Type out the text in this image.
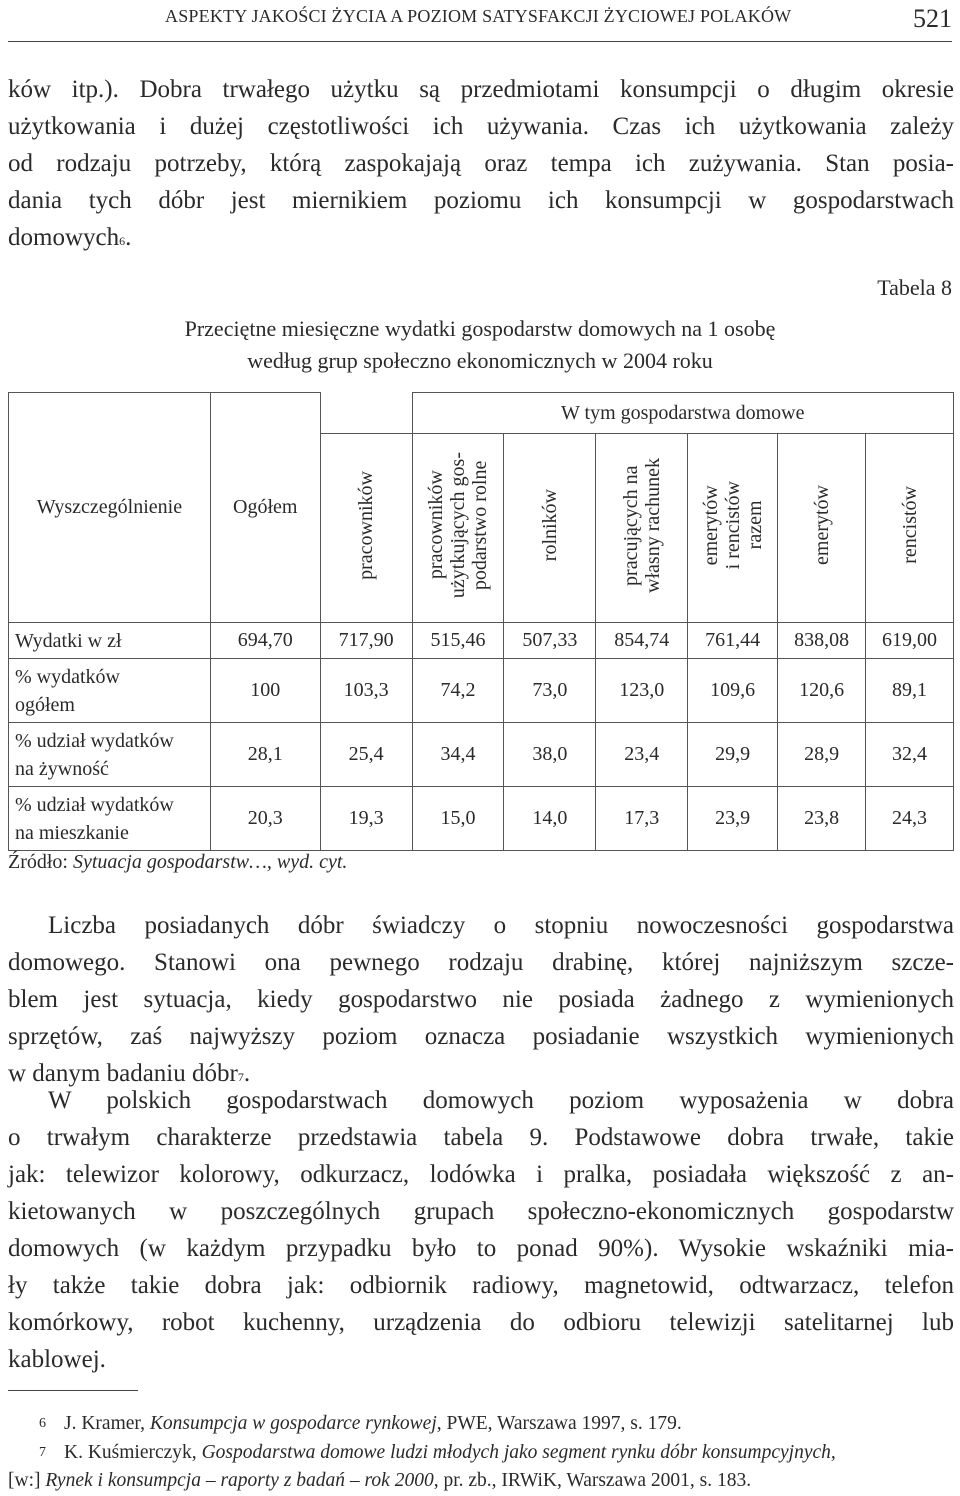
ASPEKTY JAKOŚCI ŻYCIA A POZIOM SATYSFAKCJI ŻYCIOWEJ POLAKÓW	521
ków itp.). Dobra trwałego użytku są przedmiotami konsumpcji o długim okresie
użytkowania i dużej częstotliwości ich używania. Czas ich użytkowania zależy
od rodzaju potrzeby, którą zaspokajają oraz tempa ich zużywania. Stan posia-
dania tych dóbr jest miernikiem poziomu ich konsumpcji w gospodarstwach
domowych$^6$.
Tabela 8
Przeciętne miesięczne wydatki gospodarstw domowych na 1 osobę
według grup społeczno ekonomicznych w 2004 roku
Wyszczególnienie	Ogółem		W tym gospodarstwa domowe					

		pracowników	pracowników użytkujących gos- podarstwo rolne	rolników	pracujących na własny rachunek	emerytów i rencistów razem	emerytów	rencistów

Wydatki w zł	694,70	717,90	515,46	507,33	854,74	761,44	838,08	619,00

% wydatków
ogółem	100	103,3	74,2	73,0	123,0	109,6	120,6	89,1

% udział wydatków
na żywność	28,1	25,4	34,4	38,0	23,4	29,9	28,9	32,4

% udział wydatków
na mieszkanie	20,3	19,3	15,0	14,0	17,3	23,9	23,8	24,3
Źródło: Sytuacja gospodarstw…, wyd. cyt.
Liczba posiadanych dóbr świadczy o stopniu nowoczesności gospodarstwa
domowego. Stanowi ona pewnego rodzaju drabinę, której najniższym szcze-
blem jest sytuacja, kiedy gospodarstwo nie posiada żadnego z wymienionych
sprzętów, zaś najwyższy poziom oznacza posiadanie wszystkich wymienionych
w danym badaniu dóbr$^7$.
W polskich gospodarstwach domowych poziom wyposażenia w dobra
o trwałym charakterze przedstawia tabela 9. Podstawowe dobra trwałe, takie
jak: telewizor kolorowy, odkurzacz, lodówka i pralka, posiadała większość z an-
kietowanych w poszczególnych grupach społeczno-ekonomicznych gospodarstw
domowych (w każdym przypadku było to ponad 90%). Wysokie wskaźniki mia-
ły także takie dobra jak: odbiornik radiowy, magnetowid, odtwarzacz, telefon
komórkowy, robot kuchenny, urządzenia do odbioru telewizji satelitarnej lub
kablowej.
6 J. Kramer, Konsumpcja w gospodarce rynkowej, PWE, Warszawa 1997, s. 179.
7 K. Kuśmierczyk, Gospodarstwa domowe ludzi młodych jako segment rynku dóbr konsumpcyjnych,
[w:] Rynek i konsumpcja – raporty z badań – rok 2000, pr. zb., IRWiK, Warszawa 2001, s. 183.
